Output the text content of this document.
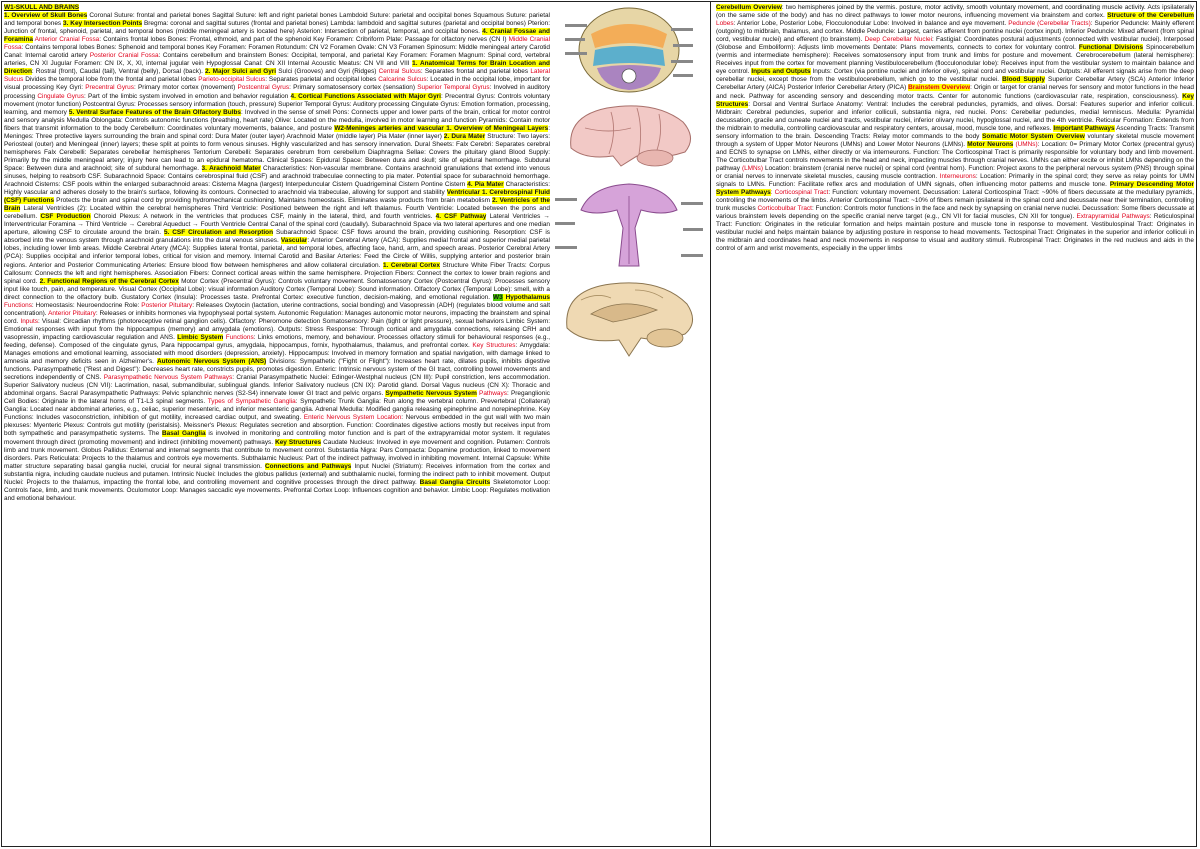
W1-SKULL AND BRAINS
1. Overview of Skull Bones Coronal Suture: frontal and parietal bones Sagittal Suture: left and right parietal bones Lambdoid Suture: parietal and occipital bones Squamous Suture: parietal and temporal bones 3. Key Intersection Points Bregma: coronal and sagittal sutures (frontal and parietal bones) Lambda: lambdoid and sagittal sutures (parietal and occipital bones) Pterion: Junction of frontal, sphenoid, parietal, and temporal bones (middle meningeal artery is located here) Asterion: Intersection of parietal, temporal, and occipital bones. 4. Cranial Fossae and Foramina Anterior Cranial Fossa: Contains frontal lobes Bones: Frontal, ethmoid, and part of the sphenoid Key Foramen: Cribriform Plate: Passage for olfactory nerves (CN I) Middle Cranial Fossa: Contains temporal lobes Bones: Sphenoid and temporal bones Key Foramen: Foramen Rotundum: CN V2 Foramen Ovale: CN V3 Foramen Spinosum: Middle meningeal artery Carotid Canal: Internal carotid artery Posterior Cranial Fossa: Contains cerebellum and brainstem Bones: Occipital, temporal, and parietal Key Foramen: Foramen Magnum: Spinal cord, vertebral arteries, CN XI Jugular Foramen: CN IX, X, XI, internal jugular vein Hypoglossal Canal: CN XII Internal Acoustic Meatus: CN VII and VIII 1. Anatomical Terms for Brain Location and Direction: Rostral (front), Caudal (tail), Ventral (belly), Dorsal (back). 2. Major Sulci and Gyri Sulci (Grooves) and Gyri (Ridges) Central Sulcus: Separates frontal and parietal lobes Lateral Sulcus Divides the temporal lobe from the frontal and parietal lobes Parieto-occipital Sulcus: Separates parietal and occipital lobes Calcarine Sulcus: Located in the occipital lobe, important for visual processing Key Gyri: Precentral Gyrus: Primary motor cortex (movement) Postcentral Gyrus: Primary somatosensory cortex (sensation) Superior Temporal Gyrus: Involved in auditory processing Cingulate Gyrus: Part of the limbic system involved in emotion and behavior regulation 4. Cortical Functions Associated with Major Gyri: Precentral Gyrus: Controls voluntary movement (motor function) Postcentral Gyrus: Processes sensory information (touch, pressure) Superior Temporal Gyrus: Auditory processing Cingulate Gyrus: Emotion formation, processing, learning, and memory 5. Ventral Surface Features of the Brain Olfactory Bulbs: Involved in the sense of smell Pons: Connects upper and lower parts of the brain, critical for motor control and sensory analysis Medulla Oblongata: Controls autonomic functions (breathing, heart rate) Olive: Located on the medulla, involved in motor learning and function Pyramids: Contain motor fibers that transmit information to the body Cerebellum: Coordinates voluntary movements, balance, and posture W2-Meninges arteries and vascular 1. Overview of Meningeal Layers: Meninges: Three protective layers surrounding the brain and spinal cord: Dura Mater (outer layer) Arachnoid Mater (middle layer) Pia Mater (inner layer) 2. Dura Mater Structure: Two layers: Periosteal (outer) and Meningeal (inner) layers; these split at points to form venous sinuses. Highly vascularized and has sensory innervation. Dural Sheets: Falx Cerebri: Separates cerebral hemispheres Falx Cerebelli: Separates cerebellar hemispheres Tentorium Cerebelli: Separates cerebrum from cerebellum Diaphragma Sellae: Covers the pituitary gland Blood Supply: Primarily by the middle meningeal artery; injury here can lead to an epidural hematoma. Clinical Spaces: Epidural Space: Between dura and skull; site of epidural hemorrhage. Subdural Space: Between dura and arachnoid; site of subdural hemorrhage. 3. Arachnoid Mater Characteristics: Non-vascular membrane. Contains arachnoid granulations that extend into venous sinuses, helping to reabsorb CSF. Subarachnoid Space: Contains cerebrospinal fluid (CSF) and arachnoid trabeculae connecting to pia mater. Potential space for subarachnoid hemorrhage. Arachnoid Cisterns: CSF pools within the enlarged subarachnoid areas: Cisterna Magna (largest) Interpeduncular Cistern Quadrigeminal Cistern Pontine Cistern 4. Pia Mater Characteristics: Highly vascular and adheres closely to the brain's surface, following its contours. Connected to arachnoid via trabeculae, allowing for support and stability Ventricular 1. Cerebrospinal Fluid (CSF) Functions Protects the brain and spinal cord by providing hydromechanical cushioning. Maintains homeostasis. Eliminates waste products from brain metabolism 2. Ventricles of the Brain Lateral Ventricles (2): Located within the cerebral hemispheres Third Ventricle: Positioned between the right and left thalamus. Fourth Ventricle: Located between the pons and cerebellum. CSF Production Choroid Plexus: A network in the ventricles that produces CSF, mainly in the lateral, third, and fourth ventricles. 4. CSF Pathway Lateral Ventricles → Interventricular Foramina → Third Ventricle → Cerebral Aqueduct → Fourth Ventricle Central Canal of the spinal cord (caudally). Subarachnoid Space via two lateral apertures and one median aperture, allowing CSF to circulate around the brain. 5. CSF Circulation and Resorption Subarachnoid Space: CSF flows around the brain, providing cushioning. Resorption: CSF is absorbed into the venous system through arachnoid granulations into the dural venous sinuses. Vascular: Anterior Cerebral Artery (ACA): Supplies medial frontal and superior medial parietal lobes, including lower limb areas. Middle Cerebral Artery (MCA): Supplies lateral frontal, parietal, and temporal lobes, affecting face, hand, arm, and speech areas. Posterior Cerebral Artery (PCA): Supplies occipital and inferior temporal lobes, critical for vision and memory. Internal Carotid and Basilar Arteries: Feed the Circle of Willis, supplying anterior and posterior brain regions. Anterior and Posterior Communicating Arteries: Ensure blood flow between hemispheres and allow collateral circulation. 1. Cerebral Cortex Structure White Fiber Tracts: Corpus Callosum: Connects the left and right hemispheres. Association Fibers: Connect cortical areas within the same hemisphere. Projection Fibers: Connect the cortex to lower brain regions and spinal cord. 2. Functional Regions of the Cerebral Cortex Motor Cortex (Precentral Gyrus): Controls voluntary movement. Somatosensory Cortex (Postcentral Gyrus): Processes sensory input like touch, pain, and temperature. Visual Cortex (Occipital Lobe): visual information Auditory Cortex (Temporal Lobe): Sound information. Olfactory Cortex (Temporal Lobe): smell, with a direct connection to the olfactory bulb. Gustatory Cortex (Insula): Processes taste. Prefrontal Cortex: executive function, decision-making, and emotional regulation. W3 Hypothalamus Functions: Homeostasis: Neuroendocrine Role: Posterior Pituitary: Releases Oxytocin (lactation, uterine contractions, social bonding) and Vasopressin (ADH) (regulates blood volume and salt concentration). Anterior Pituitary: Releases or inhibits hormones via hypophyseal portal system. Autonomic Regulation: Manages autonomic motor neurons, impacting the brainstem and spinal cord. Inputs: Visual: Circadian rhythms (photoreceptive retinal ganglion cells). Olfactory: Pheromone detection Somatosensory: Pain (tight or light pressure), sexual behaviors Limbic System: Emotional responses with input from the hippocampus (memory) and amygdala (emotions). Outputs: Stress Response: Through cortical and amygdala connections, releasing CRH and vasopressin, impacting cardiovascular regulation and ANS. Limbic System Functions: Links emotions, memory, and behaviour. Processes olfactory stimuli for behavioural responses (e.g., feeding, defense). Composed of the cingulate gyrus, Para hippocampal gyrus, amygdala, hippocampus, fornix, hypothalamus, thalamus, and prefrontal cortex. Key Structures: Amygdala: Manages emotions and emotional learning, associated with mood disorders (depression, anxiety). Hippocampus: Involved in memory formation and spatial navigation, with damage linked to amnesia and memory deficits seen in Alzheimer's. Autonomic Nervous System (ANS) Divisions: Sympathetic ("Fight or Flight"): Increases heart rate, dilates pupils, inhibits digestive functions. Parasympathetic ("Rest and Digest"): Decreases heart rate, constricts pupils, promotes digestion. Enteric: Intrinsic nervous system of the GI tract, controlling bowel movements and secretions independently of CNS. Parasympathetic Nervous System Pathways: Cranial Parasympathetic Nuclei: Edinger-Westphal nucleus (CN III): Pupil constriction, lens accommodation. Superior Salivatory nucleus (CN VII): Lacrimation, nasal, submandibular, sublingual glands. Inferior Salivatory nucleus (CN IX): Parotid gland. Dorsal Vagus nucleus (CN X): Thoracic and abdominal organs. Sacral Parasympathetic Pathways: Pelvic splanchnic nerves (S2-S4) innervate lower GI tract and pelvic organs. Sympathetic Nervous System Pathways: Preganglionic Cell Bodies: Originate in the lateral horns of T1-L3 spinal segments. Types of Sympathetic Ganglia: Sympathetic Trunk Ganglia: Run along the vertebral column. Prevertebral (Collateral) Ganglia: Located near abdominal arteries, e.g., celiac, superior mesenteric, and inferior mesenteric ganglia. Adrenal Medulla: Modified ganglia releasing epinephrine and norepinephrine. Key Functions: Includes vasoconstriction, inhibition of gut motility, increased cardiac output, and sweating. Enteric Nervous System Location: Nervous embedded in the gut wall with two main plexuses: Myenteric Plexus: Controls gut motility (peristalsis). Meissner's Plexus: Regulates secretion and absorption. Function: Coordinates digestive actions mostly but receives input from both sympathetic and parasympathetic systems. The Basal Ganglia is involved in monitoring and controlling motor function and is part of the extrapyramidal motor system. It regulates movement through direct (promoting movement) and indirect (inhibiting movement) pathways. Key Structures Caudate Nucleus: Involved in eye movement and cognition. Putamen: Controls limb and trunk movement. Globus Pallidus: External and internal segments that contribute to movement control. Substantia Nigra: Pars Compacta: Dopamine production, linked to movement disorders. Pars Reticulata: Projects to the thalamus and controls eye movements. Subthalamic Nucleus: Part of the indirect pathway, involved in inhibiting movement. Internal Capsule: White matter structure separating basal ganglia nuclei, crucial for neural signal transmission. Connections and Pathways Input Nuclei (Striatum): Receives information from the cortex and substantia nigra, including caudate nucleus and putamen. Intrinsic Nuclei: Includes the globus pallidus (external) and subthalamic nuclei, forming the indirect path to inhibit movement. Output Nuclei: Projects to the thalamus, impacting the frontal lobe, and controlling movement and cognitive processes through the direct pathway. Basal Ganglia Circuits Skeletomotor Loop: Controls face, limb, and trunk movements. Oculomotor Loop: Manages saccadic eye movements. Prefrontal Cortex Loop: Influences cognition and behavior. Limbic Loop: Regulates motivation and emotional behaviour.
Cerebellum Overview: two hemispheres joined by the vermis. posture, motor activity, smooth voluntary movement, and coordinating muscle activity. Acts ipsilaterally (on the same side of the body) and has no direct pathways to lower motor neurons, influencing movement via brainstem and cortex. Structure of the Cerebellum Lobes: Anterior Lobe, Posterior Lobe, Flocculonodular Lobe: Involved in balance and eye movement. Peduncle (Cerebellar Tracts): Superior Peduncle: Mainly efferent (outgoing) to midbrain, thalamus, and cortex. Middle Peduncle: Largest, carries afferent from pontine nuclei (cortex input). Inferior Peduncle: Mixed afferent (from spinal cord, vestibular nuclei) and efferent (to brainstem). Deep Cerebellar Nuclei: Fastigial: Coordinates postural adjustments (connected with vestibular nuclei). Interposed (Globose and Emboliform): Adjusts limb movements Dentate: Plans movements, connects to cortex for voluntary control. Functional Divisions Spinocerebellum (vermis and intermediate hemisphere): Receives somatosensory input from trunk and limbs for posture and movement. Cerebrocerebellum (lateral hemisphere): Receives input from the cortex for movement planning Vestibulocerebellum (flocculonodular lobe): Receives input from the vestibular system to maintain balance and eye control. Inputs and Outputs Inputs: Cortex (via pontine nuclei and inferior olive), spinal cord and vestibular nuclei. Outputs: All efferent signals arise from the deep cerebellar nuclei, except those from the vestibulocerebellum, which go to the vestibular nuclei. Blood Supply Superior Cerebellar Artery (SCA) Anterior Inferior Cerebellar Artery (AICA) Posterior Inferior Cerebellar Artery (PICA) Brainstem Overview: Origin or target for cranial nerves for sensory and motor functions in the head and neck. Pathway for ascending sensory and descending motor tracts. Center for autonomic functions (cardiovascular rate, respiration, consciousness). Key Structures: Dorsal and Ventral Surface Anatomy: Ventral: Includes the cerebral peduncles, pyramids, and olives. Dorsal: Features superior and inferior colliculi. Midbrain: Cerebral peduncles, superior and inferior colliculi, substantia nigra, red nuclei. Pons: Cerebellar peduncles, medial lemniscus. Medulla: Pyramidal decussation, gracile and cuneate nuclei and tracts, vestibular nuclei, inferior olivary nuclei, hypoglossal nuclei, and the 4th ventricle. Reticular Formation: Extends from the midbrain to medulla, controlling cardiovascular and respiratory centers, arousal, mood, muscle tone, and reflexes. Important Pathways Ascending Tracts: Transmit sensory information to the brain. Descending Tracts: Relay motor commands to the body Somatic Motor System Overview voluntary skeletal muscle movement through a system of Upper Motor Neurons (UMNs) and Lower Motor Neurons (LMNs). Motor Neurons (UMNs): Location: 0= Primary Motor Cortex (precentral gyrus) and ECNS to synapse on LMNs, either directly or via interneurons. Function: The Corticospinal Tract is primarily responsible for voluntary body and limb movement. The Corticobulbar Tract controls movements in the head and neck, impacting muscles through cranial nerves. UMNs can either excite or inhibit LMNs depending on the pathway (LMNs) Location: brainstem (cranial nerve nuclei) or spinal cord (ventral horn). Function: Project axons to the peripheral nervous system (PNS) through spinal or cranial nerves to innervate skeletal muscles, causing muscle contraction. Interneurons: Location: Primarily in the spinal cord; they serve as relay points for UMN signals to LMNs. Function: Facilitate reflex arcs and modulation of UMN signals, often influencing motor patterns and muscle tone. Primary Descending Motor System Pathways: Corticospinal Tract: Function: voluntary movement. Decussation: Lateral Corticospinal Tract: ~90% of fibers decussate at the medullary pyramids, controlling the movements of the limbs. Anterior Corticospinal Tract: ~10% of fibers remain ipsilateral in the spinal cord and decussate near their termination, controlling trunk muscles Corticobulbar Tract: Function: Controls motor functions in the face and neck by synapsing on cranial nerve nuclei. Decussation: Some fibers decussate at various brainstem levels depending on the specific cranial nerve target (e.g., CN VII for facial muscles, CN XII for tongue). Extrapyramidal Pathways: Reticulospinal Tract: Function: Originates in the reticular formation and helps maintain posture and muscle tone in response to movement. Vestibulospinal Tract: Originates in vestibular nuclei and helps maintain balance by adjusting posture in response to head movements. Tectospinal Tract: Originates in the superior and inferior colliculi in the midbrain and coordinates head and neck movements in response to visual and auditory stimuli. Rubrospinal Tract: Originates in the red nucleus and aids in the control of arm and wrist movements, especially in the upper limbs
